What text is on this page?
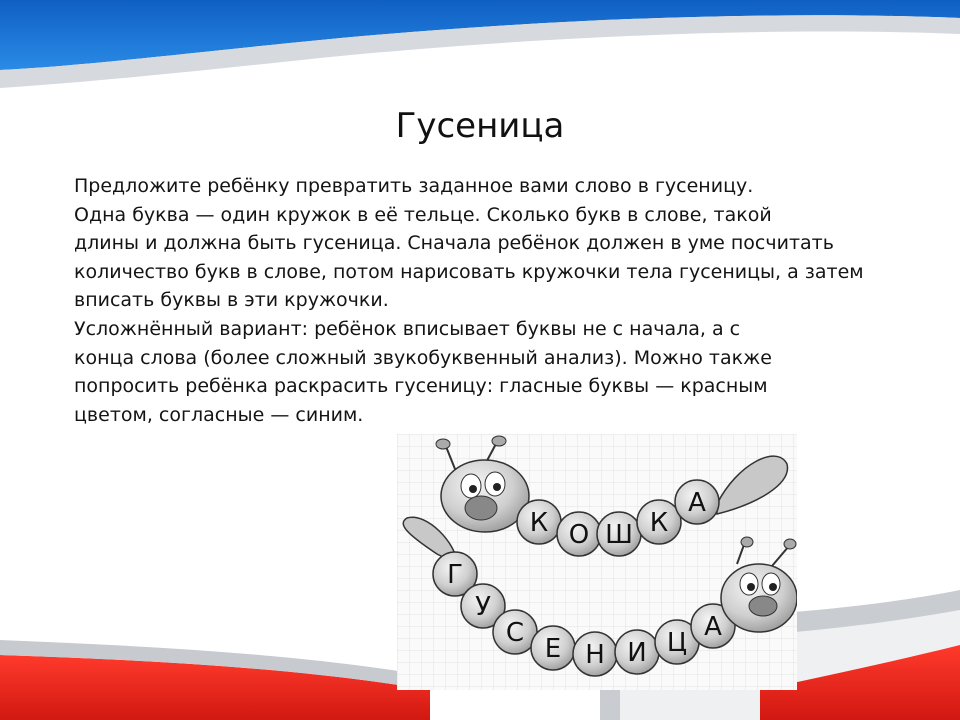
Гусеница
Предложите ребёнку превратить заданное вами слово в гусеницу.
Одна буква — один кружок в её тельце. Сколько букв в слове, такой
длины и должна быть гусеница. Сначала ребёнок должен в уме посчитать
количество букв в слове, потом нарисовать кружочки тела гусеницы, а затем
вписать буквы в эти кружочки.
Усложнённый вариант: ребёнок вписывает буквы не с начала, а с
конца слова (более сложный звукобуквенный анализ). Можно также
попросить ребёнка раскрасить гусеницу: гласные буквы — красным
цветом, согласные — синим.
К О Ш К
А
Г
У
С
Е Н И Ц
А
